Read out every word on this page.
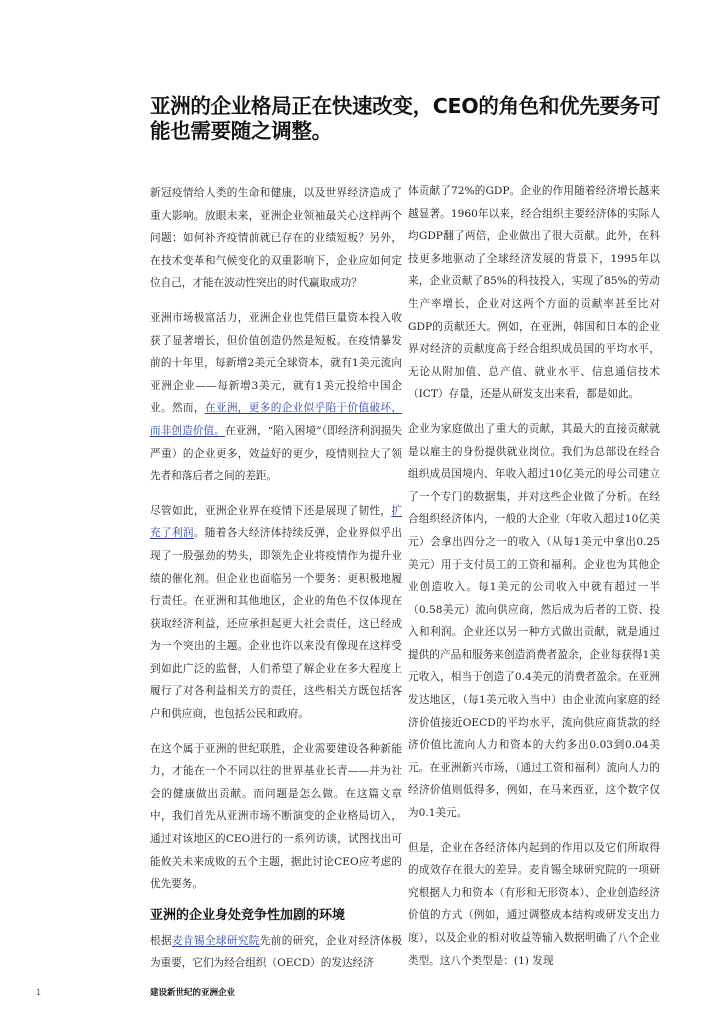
亚洲的企业格局正在快速改变，CEO的角色和优先要务可能也需要随之调整。

新冠疫情给人类的生命和健康，以及世界经济造成了重大影响。放眼未来，亚洲企业领袖最关心这样两个问题：如何补齐疫情前就已存在的业绩短板？另外，在技术变革和气候变化的双重影响下，企业应如何定位自己，才能在波动性突出的时代赢取成功？

亚洲市场极富活力，亚洲企业也凭借巨量资本投入收获了显著增长，但价值创造仍然是短板。在疫情暴发前的十年里，每新增2美元全球资本，就有1美元流向亚洲企业——每新增3美元，就有1美元投给中国企业。然而，在亚洲，更多的企业似乎陷于价值破坏，而非创造价值。在亚洲，“陷入困境”（即经济利润损失严重）的企业更多，效益好的更少，疫情则拉大了领先者和落后者之间的差距。

尽管如此，亚洲企业界在疫情下还是展现了韧性，扩充了利润。随着各大经济体持续反弹，企业界似乎出现了一股强劲的势头，即领先企业将疫情作为提升业绩的催化剂。但企业也面临另一个要务：更积极地履行责任。在亚洲和其他地区，企业的角色不仅体现在获取经济利益，还应承担起更大社会责任，这已经成为一个突出的主题。企业也许以来没有像现在这样受到如此广泛的监督，人们希望了解企业在多大程度上履行了对各利益相关方的责任，这些相关方既包括客户和供应商，也包括公民和政府。

在这个属于亚洲的世纪联胜，企业需要建设各种新能力，才能在一个不同以往的世界基业长青——并为社会的健康做出贡献。而问题是怎么做。在这篇文章中，我们首先从亚洲市场不断演变的企业格局切入，通过对该地区的CEO进行的一系列访谈，试图找出可能攸关未来成败的五个主题，据此讨论CEO应考虑的优先要务。

亚洲的企业身处竞争性加剧的环境

根据麦肯锡全球研究院先前的研究，企业对经济体极为重要，它们为经合组织（OECD）的发达经济

体贡献了72%的GDP。企业的作用随着经济增长越来越显著。1960年以来，经合组织主要经济体的实际人均GDP翻了两倍，企业做出了很大贡献。此外，在科技更多地驱动了全球经济发展的背景下，1995年以来，企业贡献了85%的科技投入，实现了85%的劳动生产率增长，企业对这两个方面的贡献率甚至比对GDP的贡献还大。例如，在亚洲，韩国和日本的企业界对经济的贡献度高于经合组织成员国的平均水平，无论从附加值、总产值、就业水平、信息通信技术（ICT）存量，还是从研发支出来看，都是如此。

企业为家庭做出了重大的贡献，其最大的直接贡献就是以雇主的身份提供就业岗位。我们为总部设在经合组织成员国境内、年收入超过10亿美元的母公司建立了一个专门的数据集，并对这些企业做了分析。在经合组织经济体内，一般的大企业（年收入超过10亿美元）会拿出四分之一的收入（从每1美元中拿出0.25美元）用于支付员工的工资和福利。企业也为其他企业创造收入。每1美元的公司收入中就有超过一半（0.58美元）流向供应商，然后成为后者的工资、投入和利润。企业还以另一种方式做出贡献，就是通过提供的产品和服务来创造消费者盈余，企业每获得1美元收入，相当于创造了0.4美元的消费者盈余。在亚洲发达地区，（每1美元收入当中）由企业流向家庭的经济价值接近OECD的平均水平，流向供应商货款的经济价值比流向人力和资本的大约多出0.03到0.04美元。在亚洲新兴市场，（通过工资和福利）流向人力的经济价值则低得多，例如，在马来西亚，这个数字仅为0.1美元。

但是，企业在各经济体内起到的作用以及它们所取得的成效存在很大的差异。麦肯锡全球研究院的一项研究根据人力和资本（有形和无形资本）、企业创造经济价值的方式（例如，通过调整成本结构或研发支出力度），以及企业的相对收益等输入数据明确了八个企业类型。这八个类型是：(1) 发现

1	建设新世纪的亚洲企业
